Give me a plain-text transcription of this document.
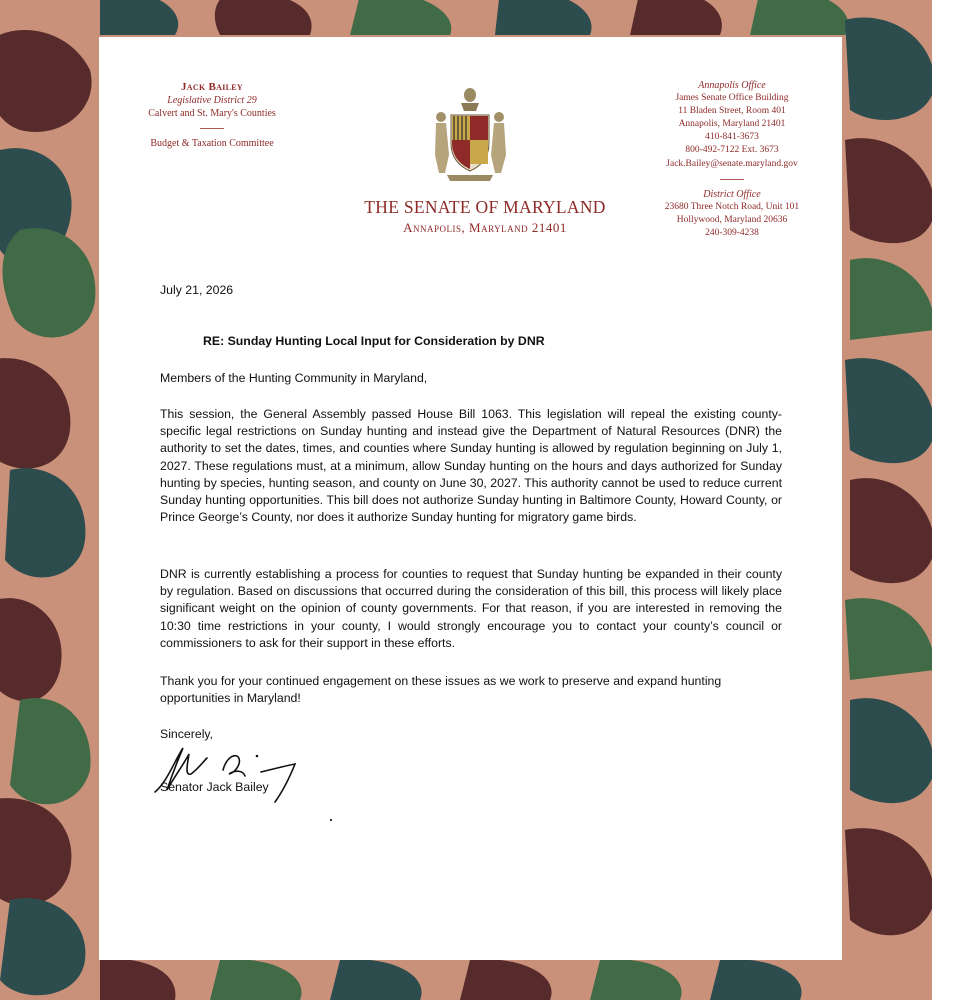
Jack Bailey
Legislative District 29
Calvert and St. Mary's Counties
Budget & Taxation Committee
THE SENATE OF MARYLAND
Annapolis, Maryland 21401
Annapolis Office
James Senate Office Building
11 Bladen Street, Room 401
Annapolis, Maryland 21401
410-841-3673
800-492-7122 Ext. 3673
Jack.Bailey@senate.maryland.gov
District Office
23680 Three Notch Road, Unit 101
Hollywood, Maryland 20636
240-309-4238

July 21, 2026

RE: Sunday Hunting Local Input for Consideration by DNR

Members of the Hunting Community in Maryland,

This session, the General Assembly passed House Bill 1063. This legislation will repeal the existing county-specific legal restrictions on Sunday hunting and instead give the Department of Natural Resources (DNR) the authority to set the dates, times, and counties where Sunday hunting is allowed by regulation beginning on July 1, 2027. These regulations must, at a minimum, allow Sunday hunting on the hours and days authorized for Sunday hunting by species, hunting season, and county on June 30, 2027. This authority cannot be used to reduce current Sunday hunting opportunities. This bill does not authorize Sunday hunting in Baltimore County, Howard County, or Prince George’s County, nor does it authorize Sunday hunting for migratory game birds.

DNR is currently establishing a process for counties to request that Sunday hunting be expanded in their county by regulation. Based on discussions that occurred during the consideration of this bill, this process will likely place significant weight on the opinion of county governments. For that reason, if you are interested in removing the 10:30 time restrictions in your county, I would strongly encourage you to contact your county’s council or commissioners to ask for their support in these efforts.

Thank you for your continued engagement on these issues as we work to preserve and expand hunting opportunities in Maryland!

Sincerely,

Senator Jack Bailey
